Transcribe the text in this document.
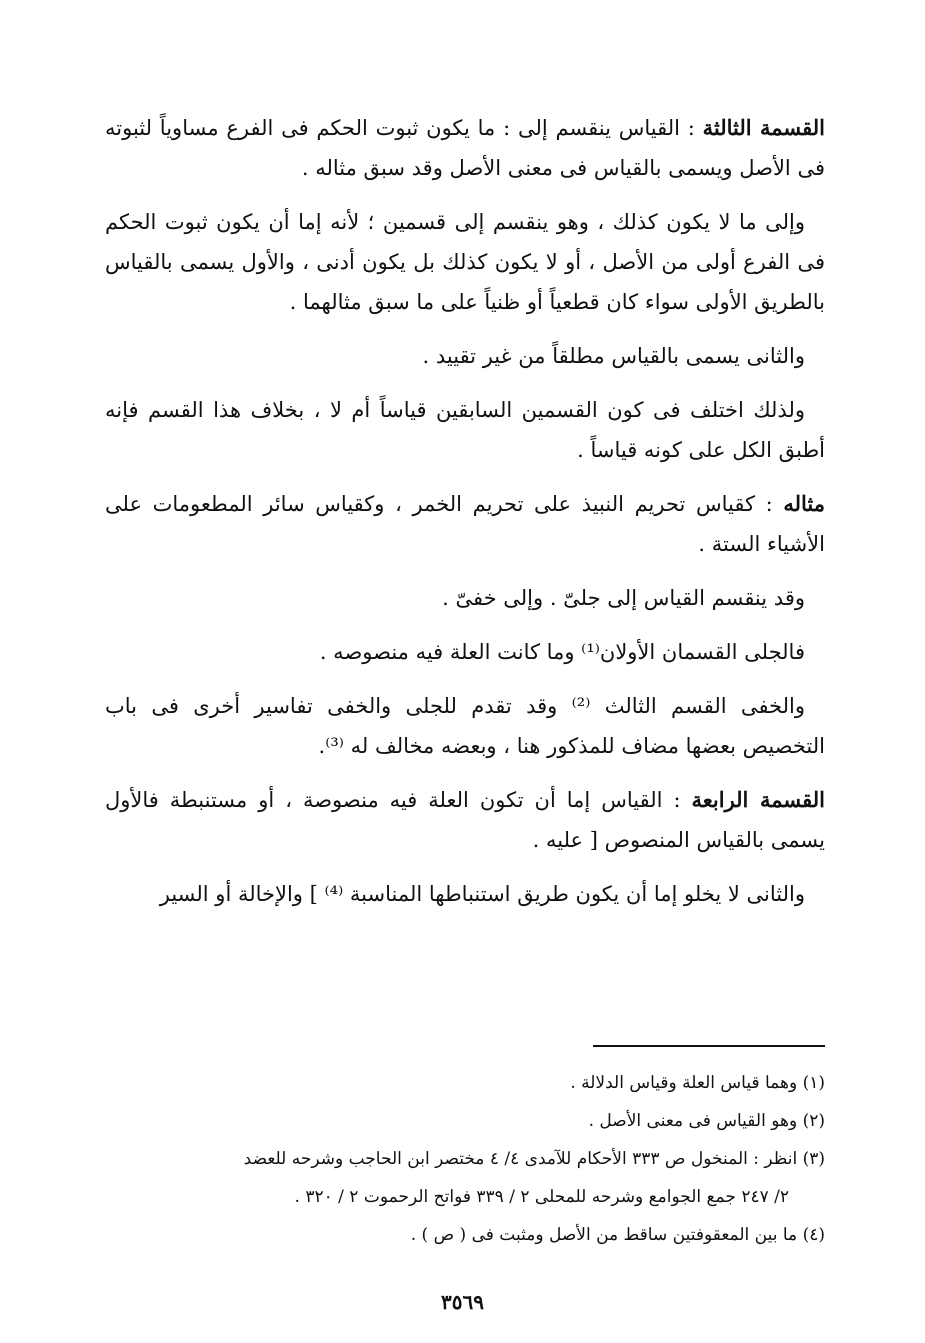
القسمة الثالثة : القياس ينقسم إلى : ما يكون ثبوت الحكم فى الفرع مساوياً لثبوته فى الأصل ويسمى بالقياس فى معنى الأصل وقد سبق مثاله .

وإلى ما لا يكون كذلك ، وهو ينقسم إلى قسمين ؛ لأنه إما أن يكون ثبوت الحكم فى الفرع أولى من الأصل ، أو لا يكون كذلك بل يكون أدنى ، والأول يسمى بالقياس بالطريق الأولى سواء كان قطعياً أو ظنياً على ما سبق مثالهما .

والثانى يسمى بالقياس مطلقاً من غير تقييد .

ولذلك اختلف فى كون القسمين السابقين قياساً أم لا ، بخلاف هذا القسم فإنه أطبق الكل على كونه قياساً .

مثاله : كقياس تحريم النبيذ على تحريم الخمر ، وكقياس سائر المطعومات على الأشياء الستة .

وقد ينقسم القياس إلى جلىّ . وإلى خفىّ .

فالجلى القسمان الأولان⁽¹⁾ وما كانت العلة فيه منصوصه .

والخفى القسم الثالث ⁽²⁾ وقد تقدم للجلى والخفى تفاسير أخرى فى باب التخصيص بعضها مضاف للمذكور هنا ، وبعضه مخالف له ⁽³⁾.

القسمة الرابعة : القياس إما أن تكون العلة فيه منصوصة ، أو مستنبطة فالأول يسمى بالقياس المنصوص [ عليه .

والثانى لا يخلو إما أن يكون طريق استنباطها المناسبة ⁽⁴⁾ ] والإخالة أو السير

(١) وهما قياس العلة وقياس الدلالة .

(٢) وهو القياس فى معنى الأصل .

(٣) انظر : المنخول ص ٣٣٣ الأحكام للآمدى ٤/ ٤ مختصر ابن الحاجب وشرحه للعضد

٢/ ٢٤٧ جمع الجوامع وشرحه للمحلى ٢ / ٣٣٩ فواتح الرحموت ٢ / ٣٢٠ .

(٤) ما بين المعقوفتين ساقط من الأصل ومثبت فى ( ص ) .

٣٥٦٩
